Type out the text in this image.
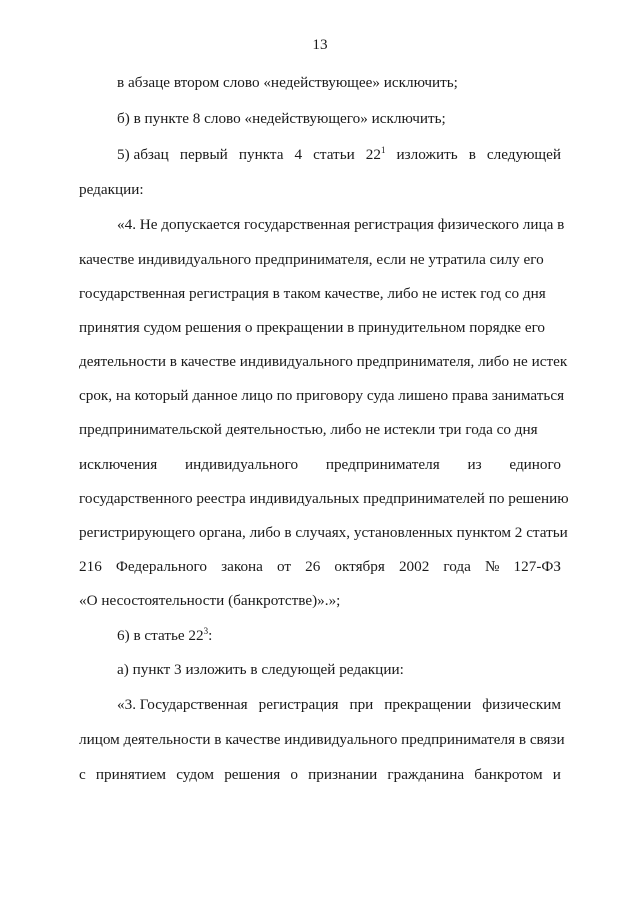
13
в абзаце втором слово «недействующее» исключить;
б) в пункте 8 слово «недействующего» исключить;
5) абзац первый пункта 4 статьи $22^1$ изложить в следующей
редакции:
«4. Не допускается государственная регистрация физического лица в
качестве индивидуального предпринимателя, если не утратила силу его
государственная регистрация в таком качестве, либо не истек год со дня
принятия судом решения о прекращении в принудительном порядке его
деятельности в качестве индивидуального предпринимателя, либо не истек
срок, на который данное лицо по приговору суда лишено права заниматься
предпринимательской деятельностью, либо не истекли три года со дня
исключения индивидуального предпринимателя из единого
государственного реестра индивидуальных предпринимателей по решению
регистрирующего органа, либо в случаях, установленных пунктом 2 статьи
216 Федерального закона от 26 октября 2002 года № 127-ФЗ
«О несостоятельности (банкротстве)».»;
6) в статье $22^3$:
а) пункт 3 изложить в следующей редакции:
«3. Государственная регистрация при прекращении физическим
лицом деятельности в качестве индивидуального предпринимателя в связи
с принятием судом решения о признании гражданина банкротом и
